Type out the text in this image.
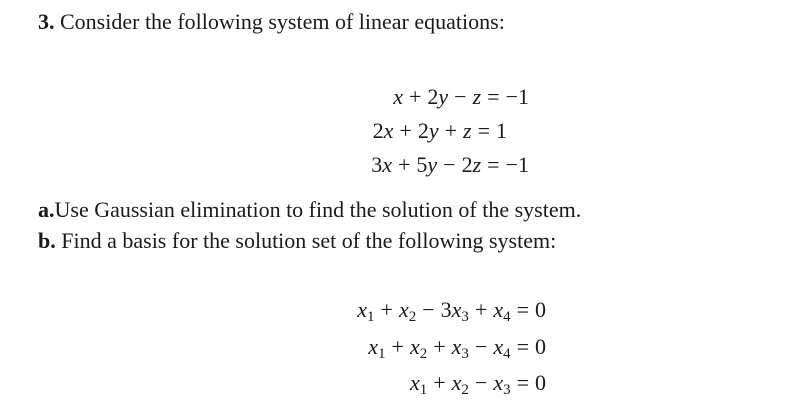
3. Consider the following system of linear equations:
x + 2y − z = −1
2x + 2y + z = 1
3x + 5y − 2z = −1
a.Use Gaussian elimination to find the solution of the system.
b. Find a basis for the solution set of the following system:
$x_1 + x_2 - 3x_3 + x_4 = 0$
$x_1 + x_2 + x_3 - x_4 = 0$
$x_1 + x_2 - x_3 = 0$
